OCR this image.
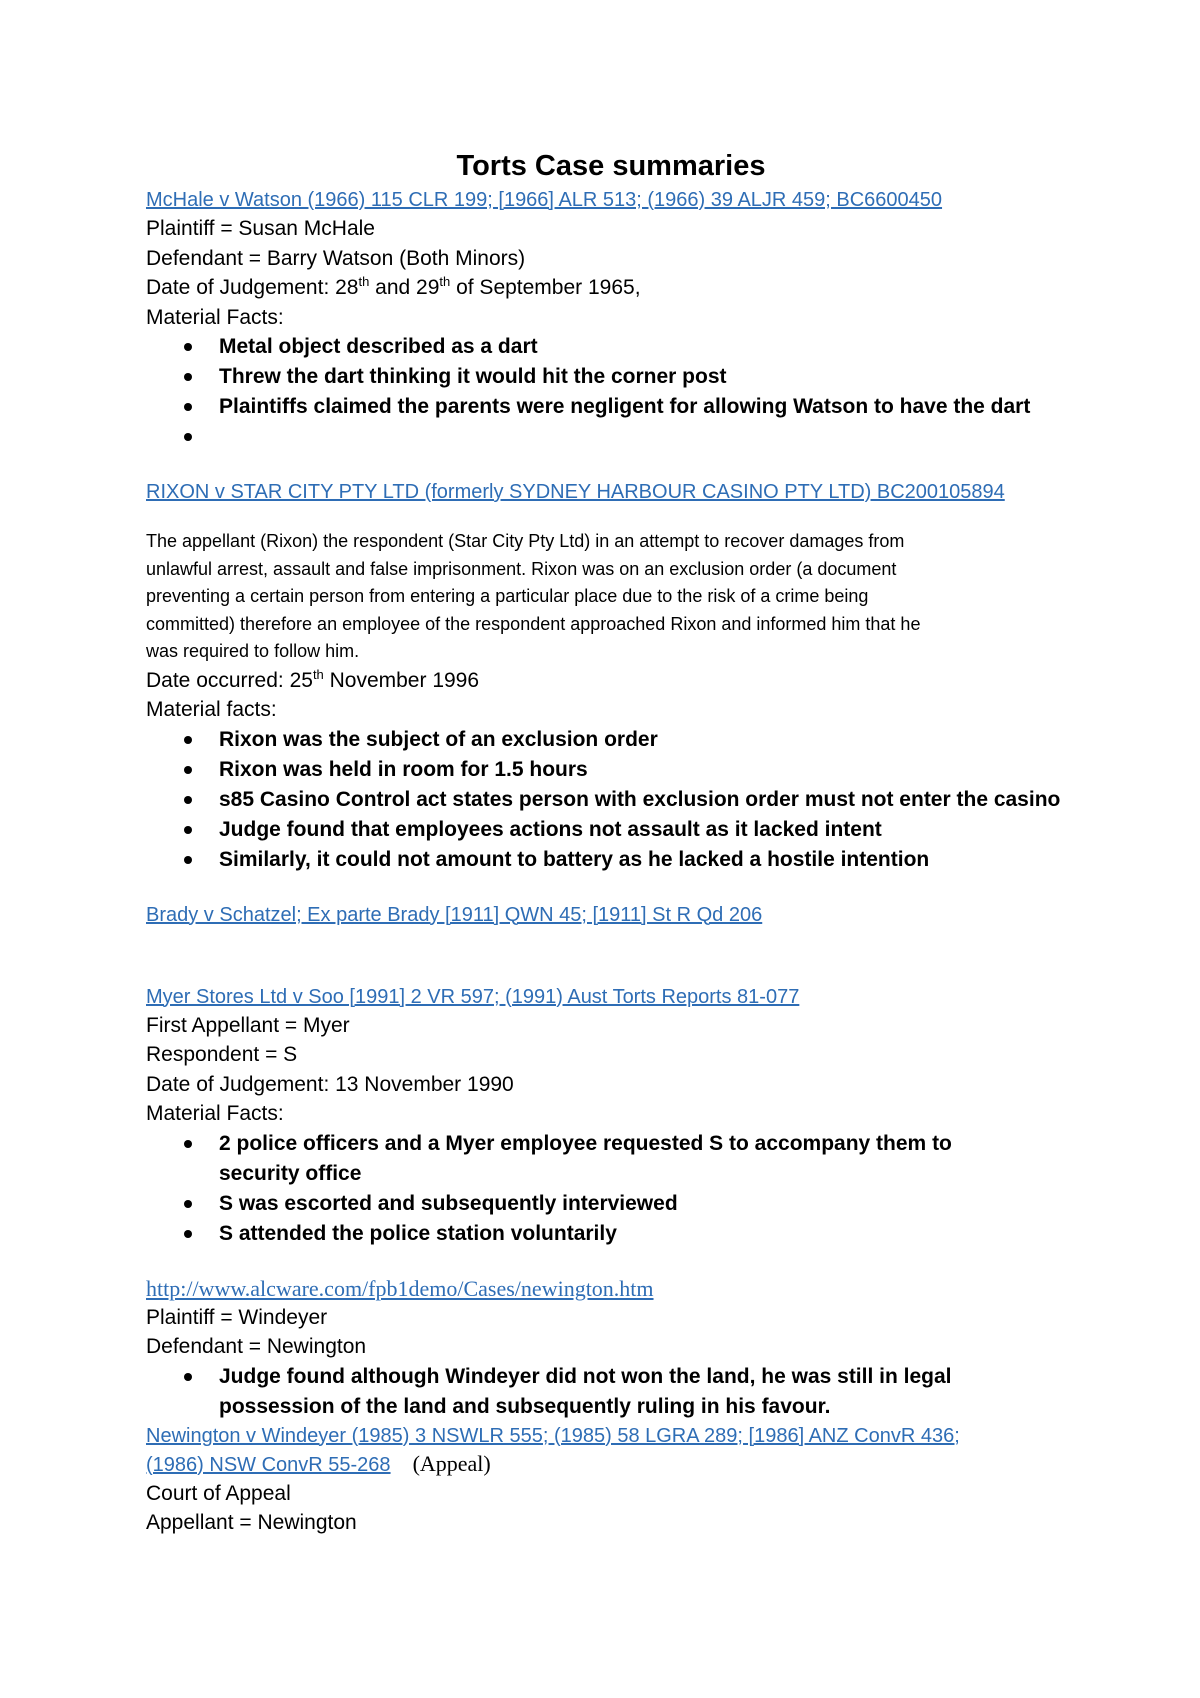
Torts Case summaries
McHale v Watson (1966) 115 CLR 199; [1966] ALR 513; (1966) 39 ALJR 459; BC6600450

Plaintiff = Susan McHale

Defendant = Barry Watson (Both Minors)

Date of Judgement: 28th and 29th of September 1965,

Material Facts:

Metal object described as a dart
Threw the dart thinking it would hit the corner post
Plaintiffs claimed the parents were negligent for allowing Watson to have the dart
RIXON v STAR CITY PTY LTD (formerly SYDNEY HARBOUR CASINO PTY LTD) BC200105894

The appellant (Rixon) the respondent (Star City Pty Ltd) in an attempt to recover damages from

unlawful arrest, assault and false imprisonment. Rixon was on an exclusion order (a document

preventing a certain person from entering a particular place due to the risk of a crime being

committed) therefore an employee of the respondent approached Rixon and informed him that he

was required to follow him.

Date occurred: 25th November 1996

Material facts:

Rixon was the subject of an exclusion order
Rixon was held in room for 1.5 hours
s85 Casino Control act states person with exclusion order must not enter the casino
Judge found that employees actions not assault as it lacked intent
Similarly, it could not amount to battery as he lacked a hostile intention
Brady v Schatzel; Ex parte Brady [1911] QWN 45; [1911] St R Qd 206
Myer Stores Ltd v Soo [1991] 2 VR 597; (1991) Aust Torts Reports 81-077

First Appellant = Myer

Respondent = S

Date of Judgement: 13 November 1990

Material Facts:

2 police officers and a Myer employee requested S to accompany them to security office
S was escorted and subsequently interviewed
S attended the police station voluntarily
http://www.alcware.com/fpb1demo/Cases/newington.htm

Plaintiff = Windeyer

Defendant = Newington

Judge found although Windeyer did not won the land, he was still in legal possession of the land and subsequently ruling in his favour.
Newington v Windeyer (1985) 3 NSWLR 555; (1985) 58 LGRA 289; [1986] ANZ ConvR 436;
(1986) NSW ConvR 55-268 (Appeal)

Court of Appeal

Appellant = Newington
